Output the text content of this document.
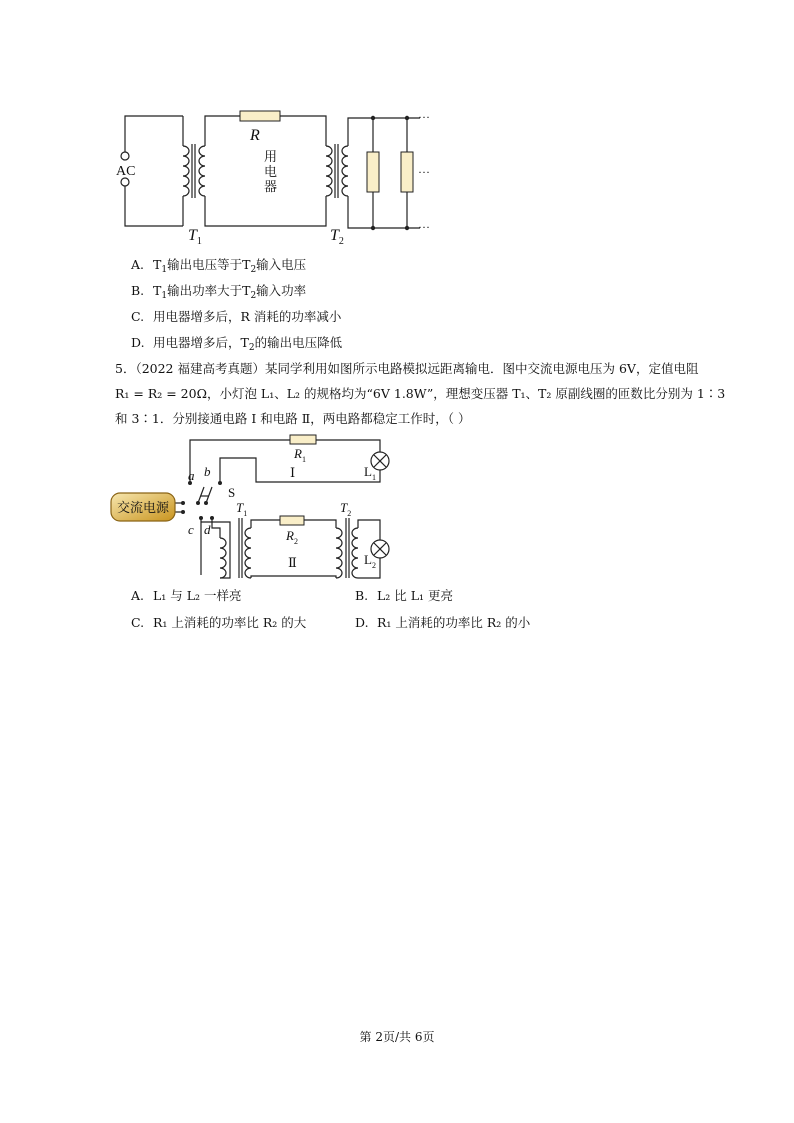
AC
R
$T_1$	$T_2$
···
···
···
用电器
A. $T_1$输出电压等于$T_2$输入电压
B. $T_1$输出功率大于$T_2$输入功率
C. 用电器增多后，R 消耗的功率减小
D. 用电器增多后，$T_2$的输出电压降低
5．（2022 福建高考真题）某同学利用如图所示电路模拟远距离输电．图中交流电源电压为 6V，定值电阻
R₁ = R₂ = 20Ω，小灯泡 L₁、L₂ 的规格均为“6V 1.8W”，理想变压器 T₁、T₂ 原副线圈的匝数比分别为 1∶3
和 3∶1．分别接通电路 Ⅰ 和电路 Ⅱ，两电路都稳定工作时，（ ）
交流电源
a b
c d
S
$R_1$
Ⅰ	$L_1$
$T_1$
$R_2$
Ⅱ
$T_2$
$L_2$
A. L₁ 与 L₂ 一样亮	B. L₂ 比 L₁ 更亮
C. R₁ 上消耗的功率比 R₂ 的大	D. R₁ 上消耗的功率比 R₂ 的小
第 2页/共 6页
